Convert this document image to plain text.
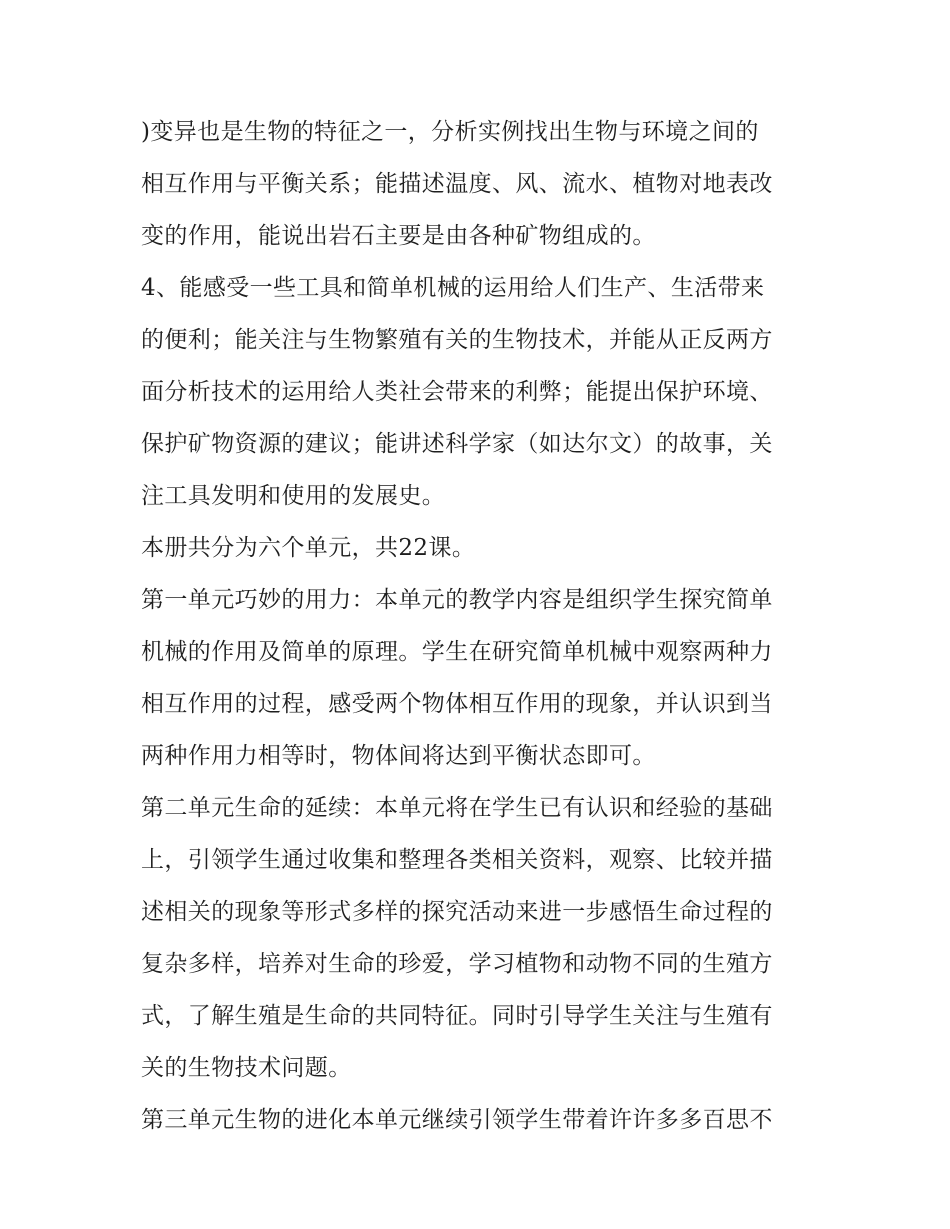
)变异也是生物的特征之一，分析实例找出生物与环境之间的
相互作用与平衡关系；能描述温度、风、流水、植物对地表改
变的作用，能说出岩石主要是由各种矿物组成的。
4、能感受一些工具和简单机械的运用给人们生产、生活带来
的便利；能关注与生物繁殖有关的生物技术，并能从正反两方
面分析技术的运用给人类社会带来的利弊；能提出保护环境、
保护矿物资源的建议；能讲述科学家（如达尔文）的故事，关
注工具发明和使用的发展史。
本册共分为六个单元，共22课。
第一单元巧妙的用力：本单元的教学内容是组织学生探究简单
机械的作用及简单的原理。学生在研究简单机械中观察两种力
相互作用的过程，感受两个物体相互作用的现象，并认识到当
两种作用力相等时，物体间将达到平衡状态即可。
第二单元生命的延续：本单元将在学生已有认识和经验的基础
上，引领学生通过收集和整理各类相关资料，观察、比较并描
述相关的现象等形式多样的探究活动来进一步感悟生命过程的
复杂多样，培养对生命的珍爱，学习植物和动物不同的生殖方
式，了解生殖是生命的共同特征。同时引导学生关注与生殖有
关的生物技术问题。
第三单元生物的进化本单元继续引领学生带着许许多多百思不
